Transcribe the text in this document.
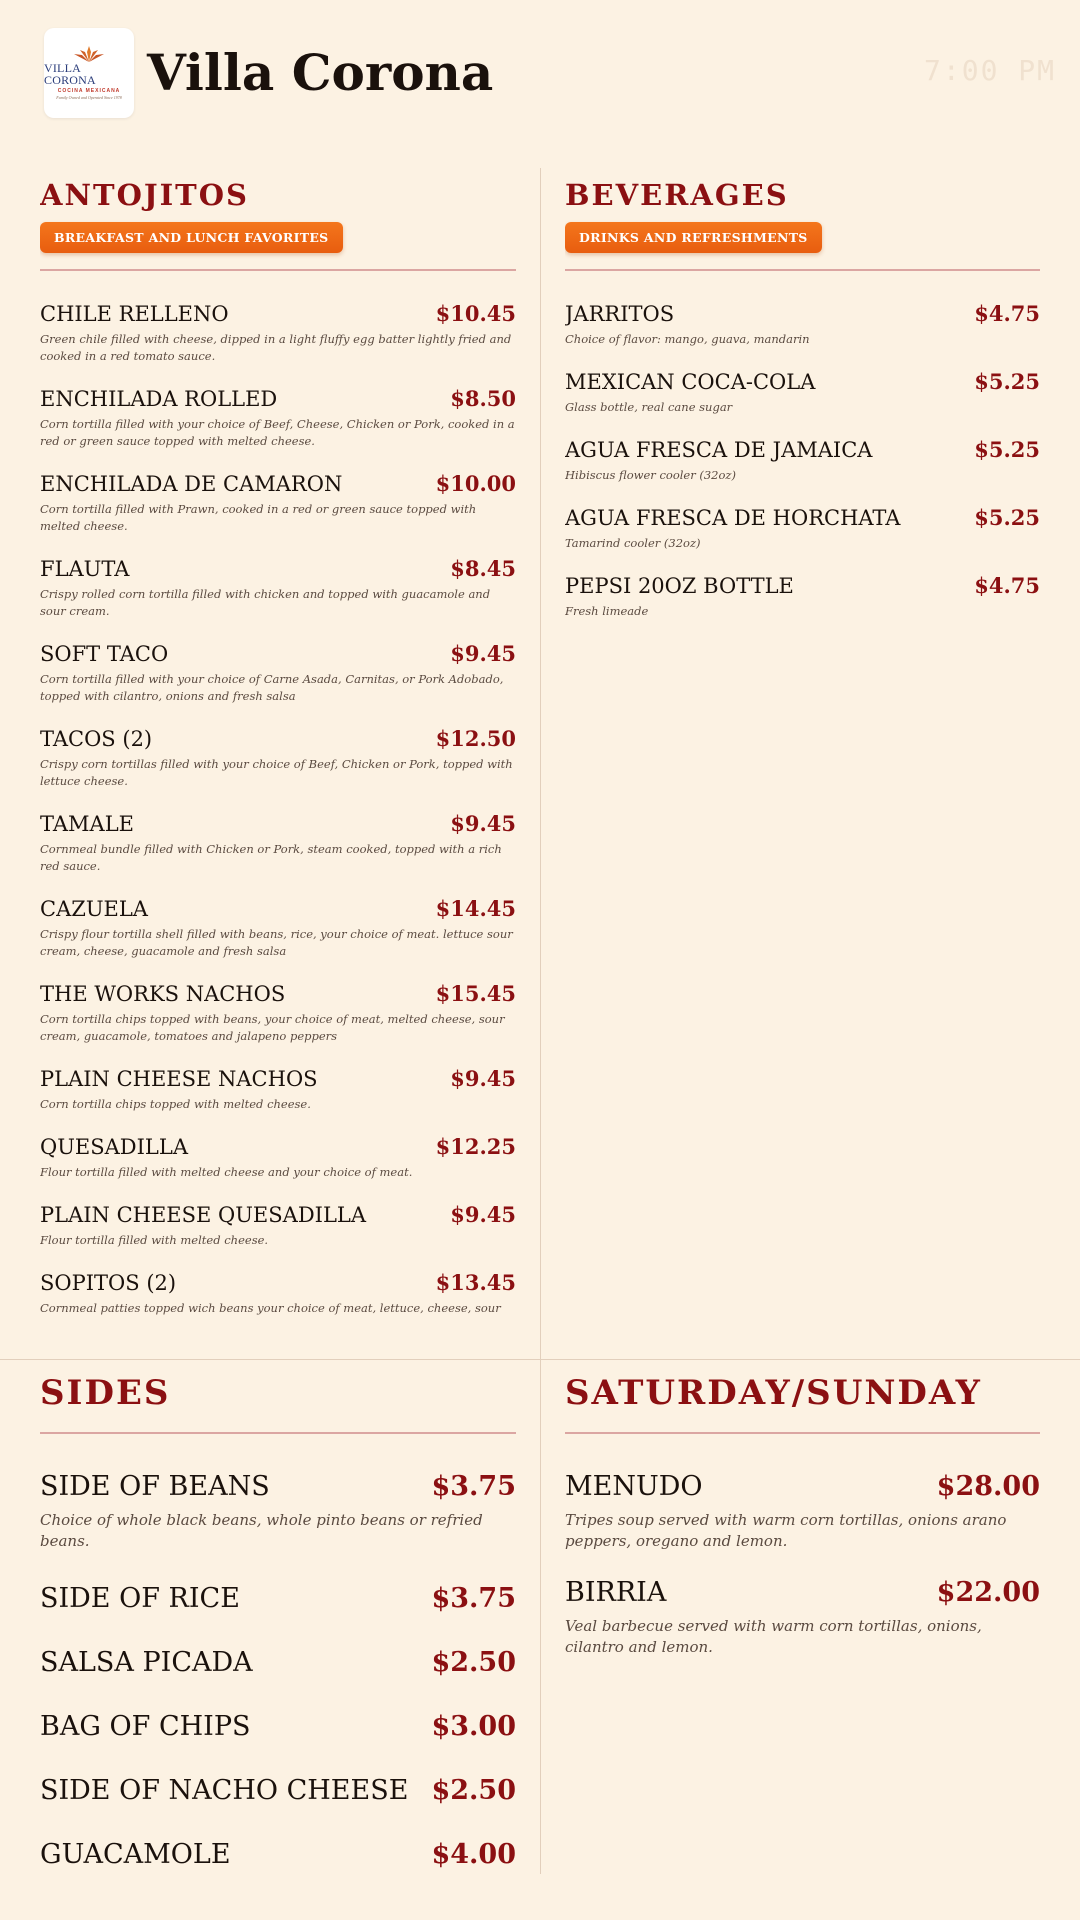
VILLA CORONA
COCINA MEXICANA
Family Owned and Operated Since 1978 Villa Corona	7:00 PM
ANTOJITOS
BREAKFAST AND LUNCH FAVORITES
CHILE RELLENO	$10.45
Green chile filled with cheese, dipped in a light fluffy egg batter lightly fried and cooked in a red tomato sauce.
ENCHILADA ROLLED	$8.50
Corn tortilla filled with your choice of Beef, Cheese, Chicken or Pork, cooked in a red or green sauce topped with melted cheese.
ENCHILADA DE CAMARON	$10.00
Corn tortilla filled with Prawn, cooked in a red or green sauce topped with melted cheese.
FLAUTA	$8.45
Crispy rolled corn tortilla filled with chicken and topped with guacamole and sour cream.
SOFT TACO	$9.45
Corn tortilla filled with your choice of Carne Asada, Carnitas, or Pork Adobado, topped with cilantro, onions and fresh salsa
TACOS (2)	$12.50
Crispy corn tortillas filled with your choice of Beef, Chicken or Pork, topped with lettuce cheese.
TAMALE	$9.45
Cornmeal bundle filled with Chicken or Pork, steam cooked, topped with a rich red sauce.
CAZUELA	$14.45
Crispy flour tortilla shell filled with beans, rice, your choice of meat. lettuce sour cream, cheese, guacamole and fresh salsa
THE WORKS NACHOS	$15.45
Corn tortilla chips topped with beans, your choice of meat, melted cheese, sour cream, guacamole, tomatoes and jalapeno peppers
PLAIN CHEESE NACHOS	$9.45
Corn tortilla chips topped with melted cheese.
QUESADILLA	$12.25
Flour tortilla filled with melted cheese and your choice of meat.
PLAIN CHEESE QUESADILLA	$9.45
Flour tortilla filled with melted cheese.
SOPITOS (2)	$13.45
Cornmeal patties topped wich beans your choice of meat, lettuce, cheese, sour
BEVERAGES
DRINKS AND REFRESHMENTS
JARRITOS	$4.75
Choice of flavor: mango, guava, mandarin
MEXICAN COCA-COLA	$5.25
Glass bottle, real cane sugar
AGUA FRESCA DE JAMAICA	$5.25
Hibiscus flower cooler (32oz)
AGUA FRESCA DE HORCHATA	$5.25
Tamarind cooler (32oz)
PEPSI 20OZ BOTTLE	$4.75
Fresh limeade
SIDES
SIDE OF BEANS	$3.75
Choice of whole black beans, whole pinto beans or refried beans.
SIDE OF RICE	$3.75
SALSA PICADA	$2.50
BAG OF CHIPS	$3.00
SIDE OF NACHO CHEESE $2.50
GUACAMOLE	$4.00
SATURDAY/SUNDAY
MENUDO	$28.00
Tripes soup served with warm corn tortillas, onions arano peppers, oregano and lemon.
BIRRIA	$22.00
Veal barbecue served with warm corn tortillas, onions, cilantro and lemon.
